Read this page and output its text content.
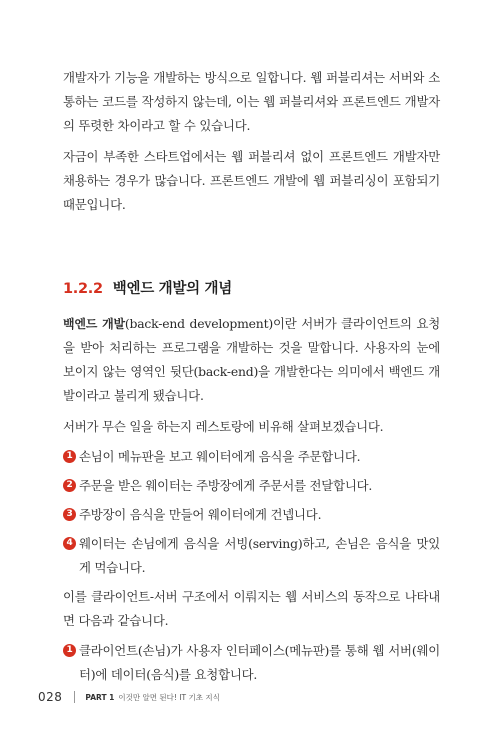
개발자가 기능을 개발하는 방식으로 일합니다. 웹 퍼블리셔는 서버와 소통하는 코드를 작성하지 않는데, 이는 웹 퍼블리셔와 프론트엔드 개발자의 뚜렷한 차이라고 할 수 있습니다.

자금이 부족한 스타트업에서는 웹 퍼블리셔 없이 프론트엔드 개발자만 채용하는 경우가 많습니다. 프론트엔드 개발에 웹 퍼블리싱이 포함되기 때문입니다.

1.2.2 백엔드 개발의 개념

백엔드 개발(back-end development)이란 서버가 클라이언트의 요청을 받아 처리하는 프로그램을 개발하는 것을 말합니다. 사용자의 눈에 보이지 않는 영역인 뒷단(back-end)을 개발한다는 의미에서 백엔드 개발이라고 불리게 됐습니다.

서버가 무슨 일을 하는지 레스토랑에 비유해 살펴보겠습니다.

1 손님이 메뉴판을 보고 웨이터에게 음식을 주문합니다.
2 주문을 받은 웨이터는 주방장에게 주문서를 전달합니다.
3 주방장이 음식을 만들어 웨이터에게 건넵니다.
4 웨이터는 손님에게 음식을 서빙(serving)하고, 손님은 음식을 맛있게 먹습니다.

이를 클라이언트-서버 구조에서 이뤄지는 웹 서비스의 동작으로 나타내면 다음과 같습니다.

1 클라이언트(손님)가 사용자 인터페이스(메뉴판)를 통해 웹 서버(웨이터)에 데이터(음식)를 요청합니다.
028	PART 1 이것만 알면 된다! IT 기초 지식
